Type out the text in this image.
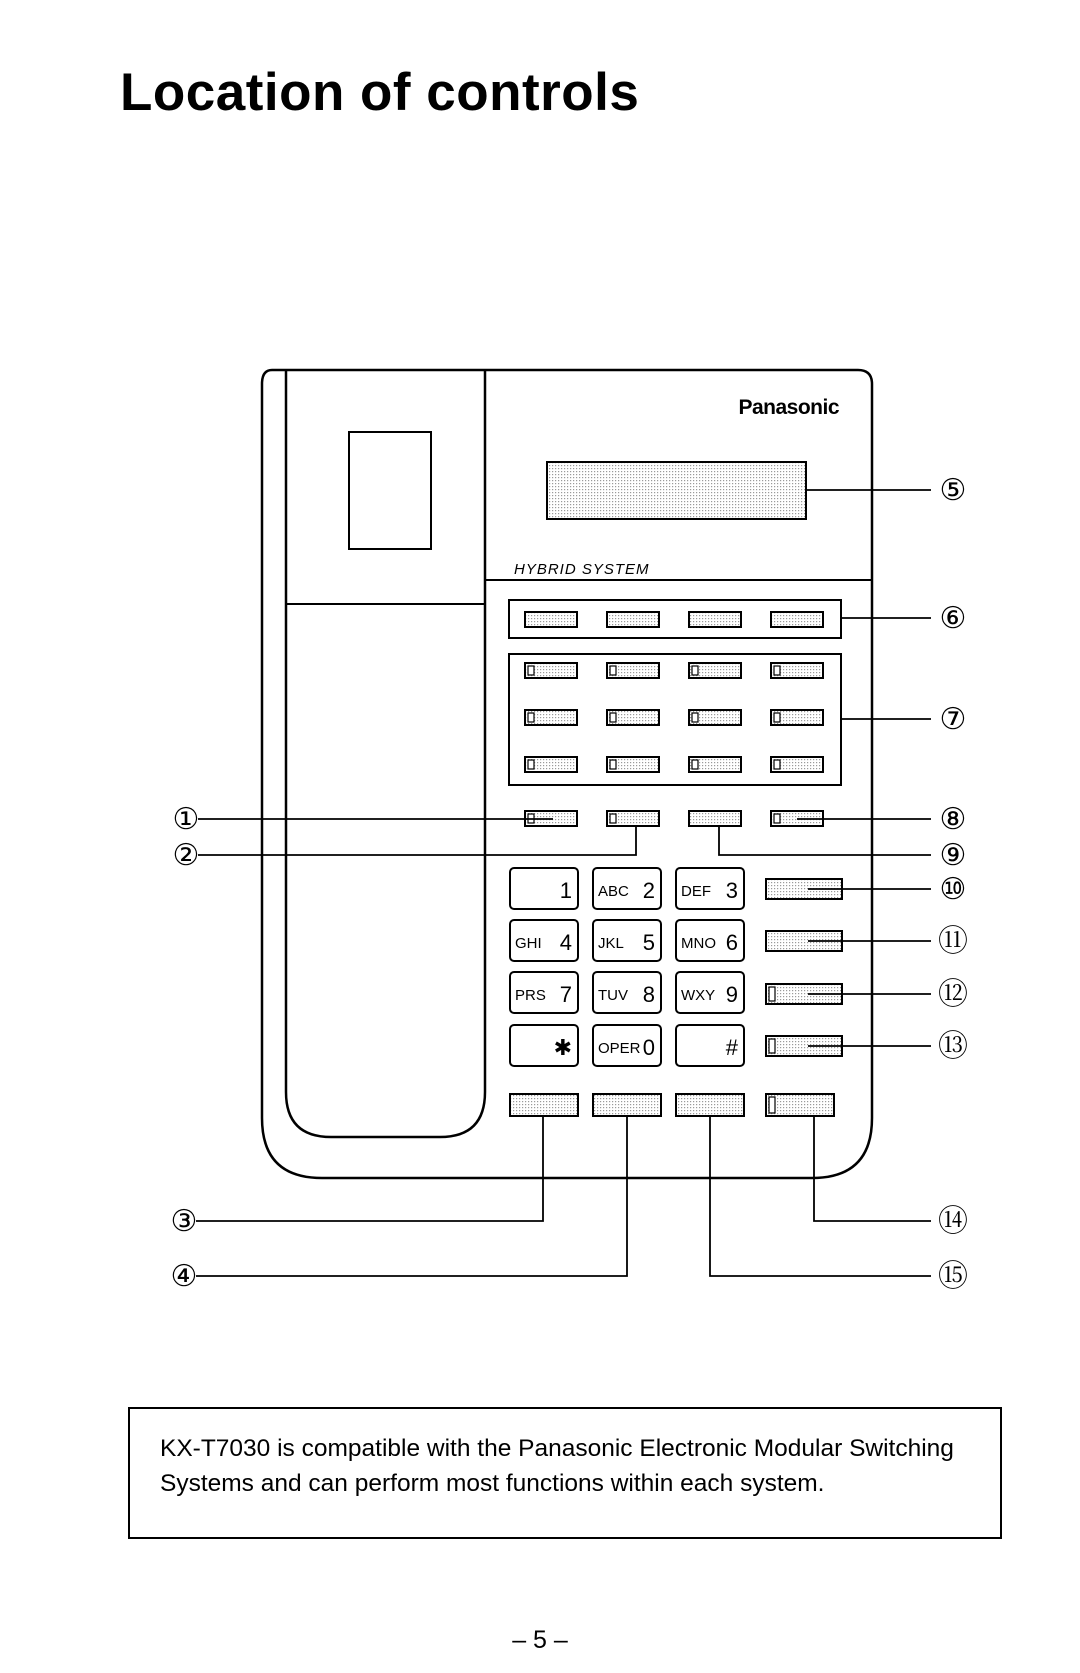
Location of controls
Panasonic
HYBRID SYSTEM
1 ABC 2 DEF 3
GHI 4 JKL 5 MNO 6
PRS 7 TUV 8 WXY 9
✱ OPER 0	#
①
②
③
④
⑤
⑥
⑦
⑧
⑨
⑩
⑪
⑫
⑬
⑭
⑮
KX-T7030 is compatible with the Panasonic Electronic Modular Switching Systems and can perform most functions within each system.
– 5 –
